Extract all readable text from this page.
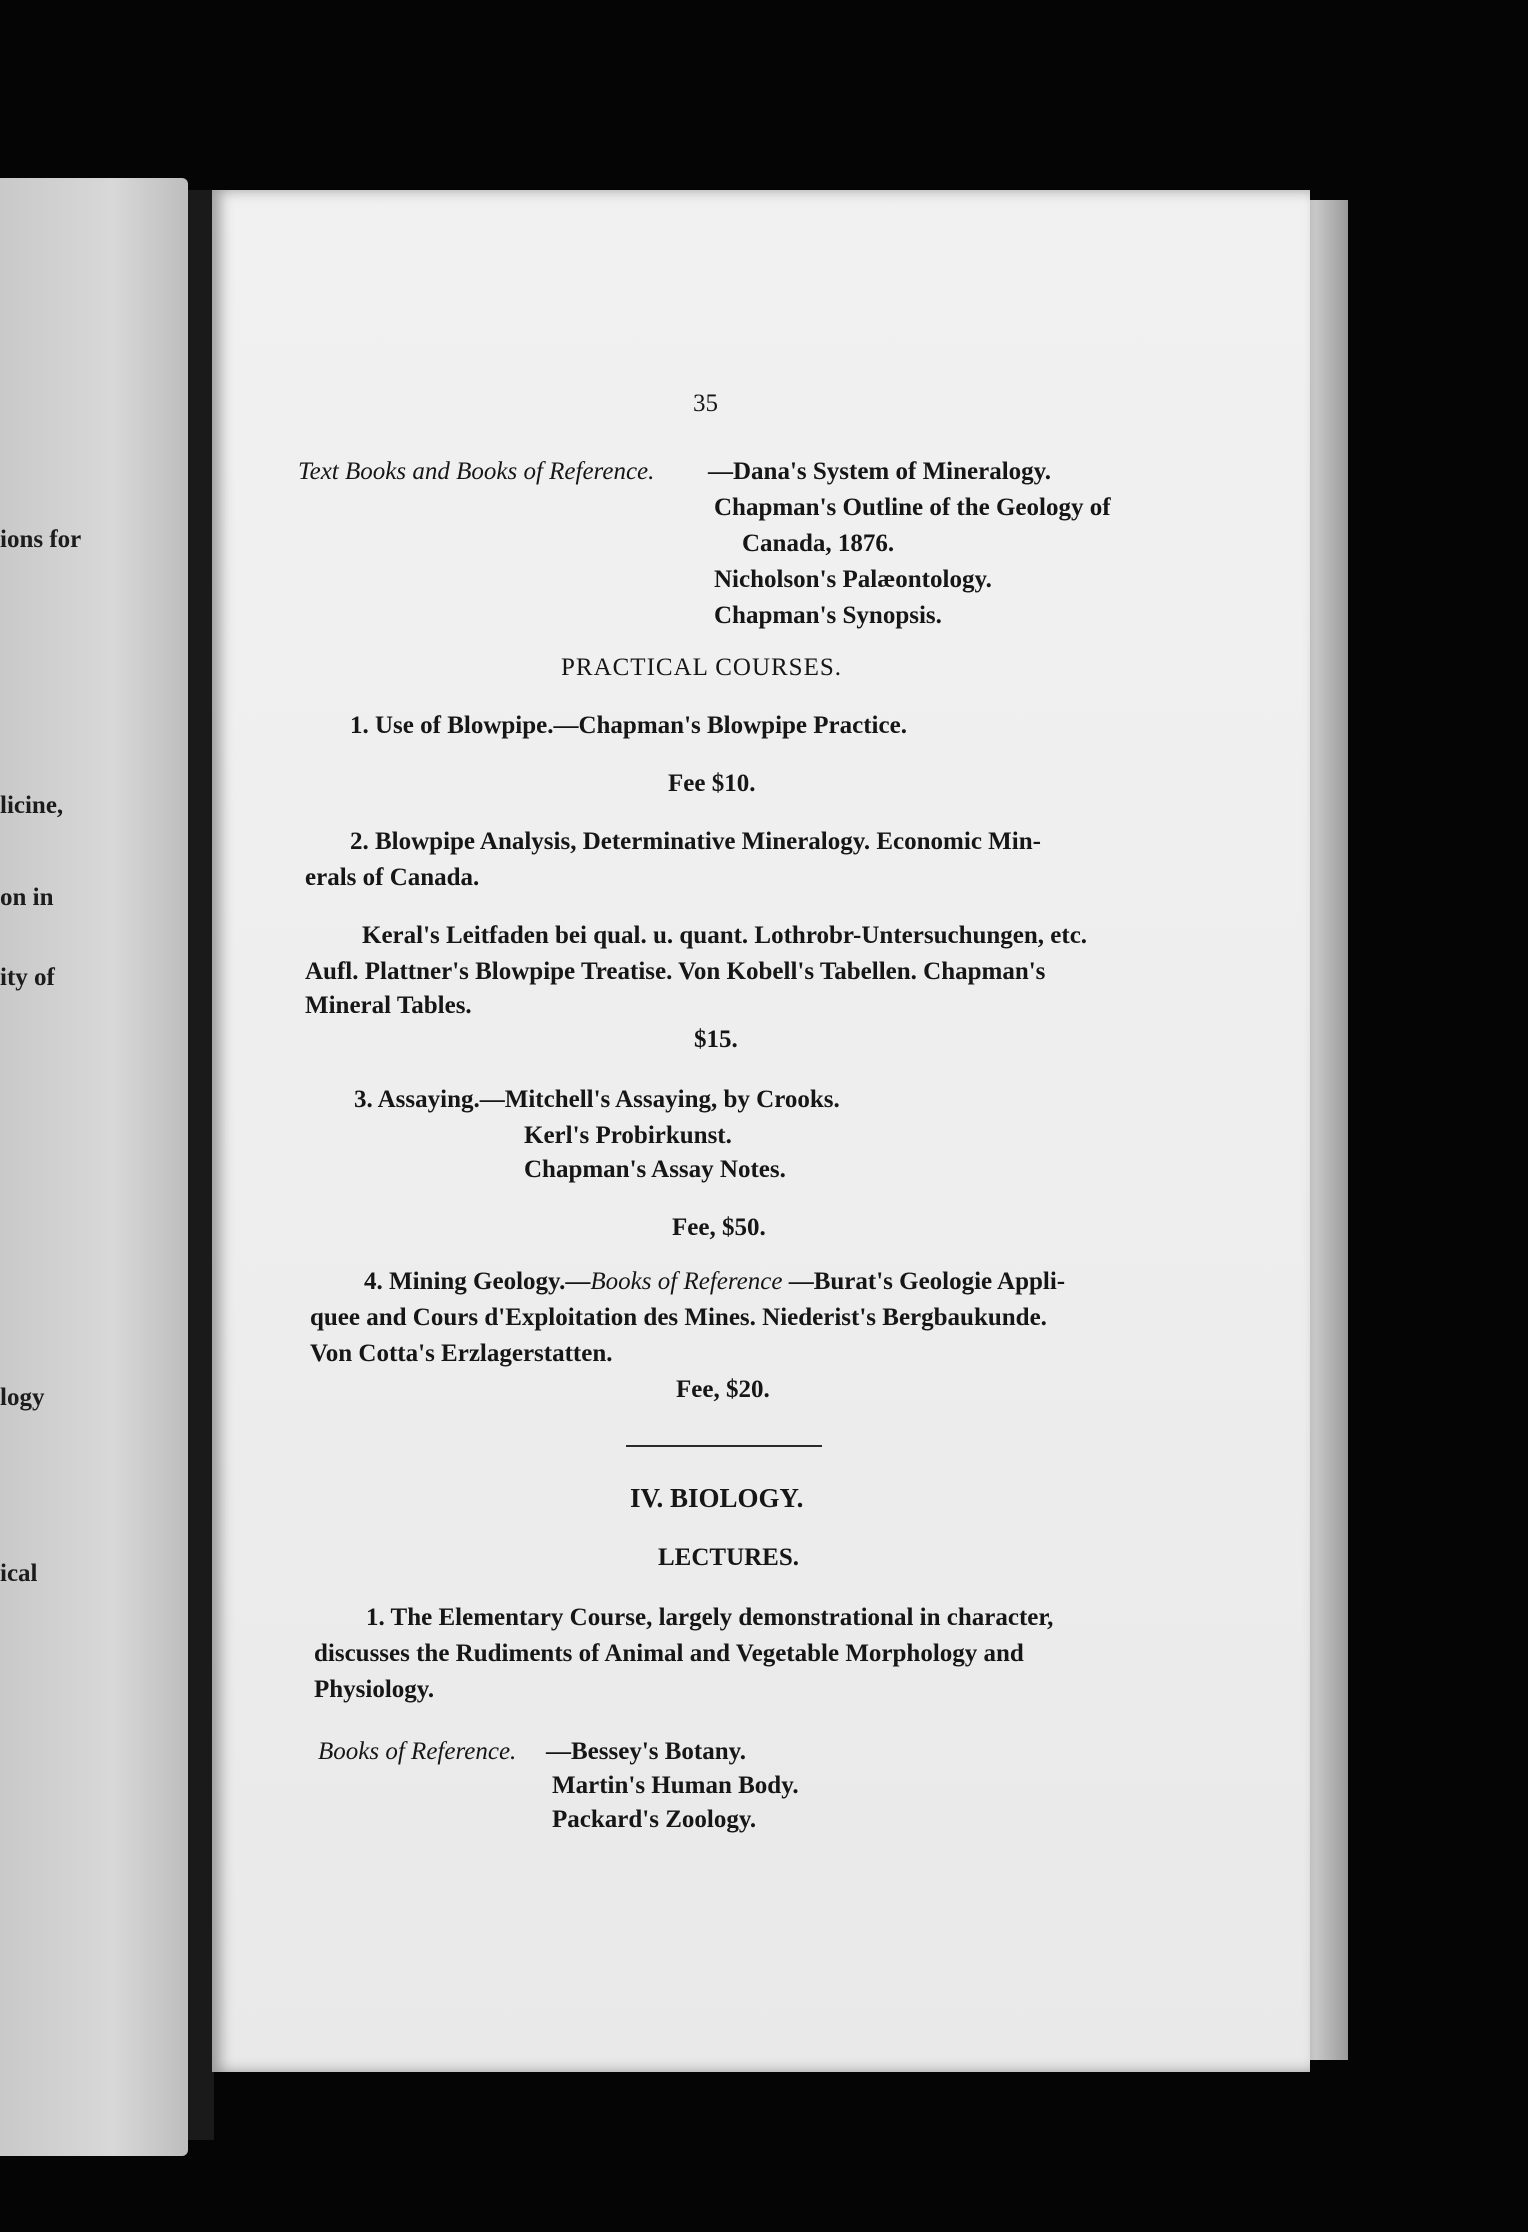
ions for
licine,
on in
ity of
logy
ical
35
Text Books and Books of Reference. —Dana's System of Mineralogy.
Chapman's Outline of the Geology of
Canada, 1876.
Nicholson's Palæontology.
Chapman's Synopsis.
PRACTICAL COURSES.
1. Use of Blowpipe.—Chapman's Blowpipe Practice.
Fee $10.
2. Blowpipe Analysis, Determinative Mineralogy. Economic Min-
erals of Canada.
Keral's Leitfaden bei qual. u. quant. Lothrobr-Untersuchungen, etc.
Aufl. Plattner's Blowpipe Treatise. Von Kobell's Tabellen. Chapman's
Mineral Tables.
$15.
3. Assaying.—Mitchell's Assaying, by Crooks.
Kerl's Probirkunst.
Chapman's Assay Notes.
Fee, $50.
4. Mining Geology.—Books of Reference —Burat's Geologie Appli-
quee and Cours d'Exploitation des Mines. Niederist's Bergbaukunde.
Von Cotta's Erzlagerstatten.
Fee, $20.
IV. BIOLOGY.
LECTURES.
1. The Elementary Course, largely demonstrational in character,
discusses the Rudiments of Animal and Vegetable Morphology and
Physiology.
Books of Reference. —Bessey's Botany.
Martin's Human Body.
Packard's Zoology.
